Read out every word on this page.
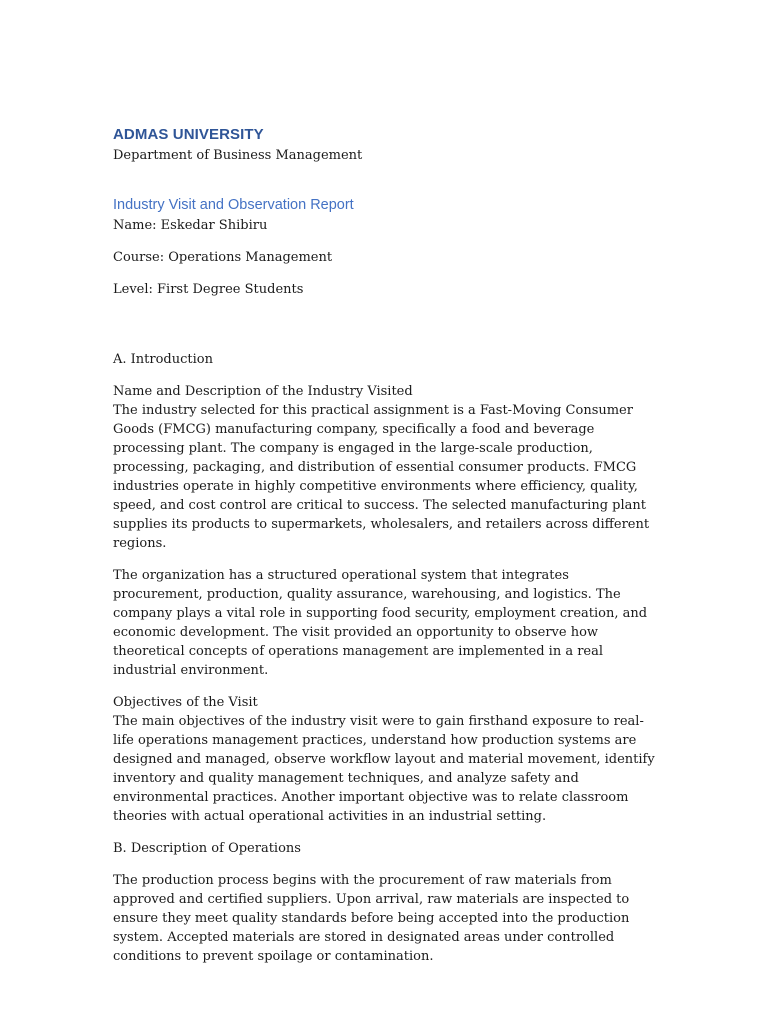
ADMAS UNIVERSITY

Department of Business Management

Industry Visit and Observation Report

Name: Eskedar Shibiru

Course: Operations Management

Level: First Degree Students

A. Introduction

Name and Description of the Industry Visited
The industry selected for this practical assignment is a Fast-Moving Consumer Goods (FMCG) manufacturing company, specifically a food and beverage processing plant. The company is engaged in the large-scale production, processing, packaging, and distribution of essential consumer products. FMCG industries operate in highly competitive environments where efficiency, quality, speed, and cost control are critical to success. The selected manufacturing plant supplies its products to supermarkets, wholesalers, and retailers across different regions.

The organization has a structured operational system that integrates procurement, production, quality assurance, warehousing, and logistics. The company plays a vital role in supporting food security, employment creation, and economic development. The visit provided an opportunity to observe how theoretical concepts of operations management are implemented in a real industrial environment.

Objectives of the Visit
The main objectives of the industry visit were to gain firsthand exposure to real-life operations management practices, understand how production systems are designed and managed, observe workflow layout and material movement, identify inventory and quality management techniques, and analyze safety and environmental practices. Another important objective was to relate classroom theories with actual operational activities in an industrial setting.

B. Description of Operations

The production process begins with the procurement of raw materials from approved and certified suppliers. Upon arrival, raw materials are inspected to ensure they meet quality standards before being accepted into the production system. Accepted materials are stored in designated areas under controlled conditions to prevent spoilage or contamination.
